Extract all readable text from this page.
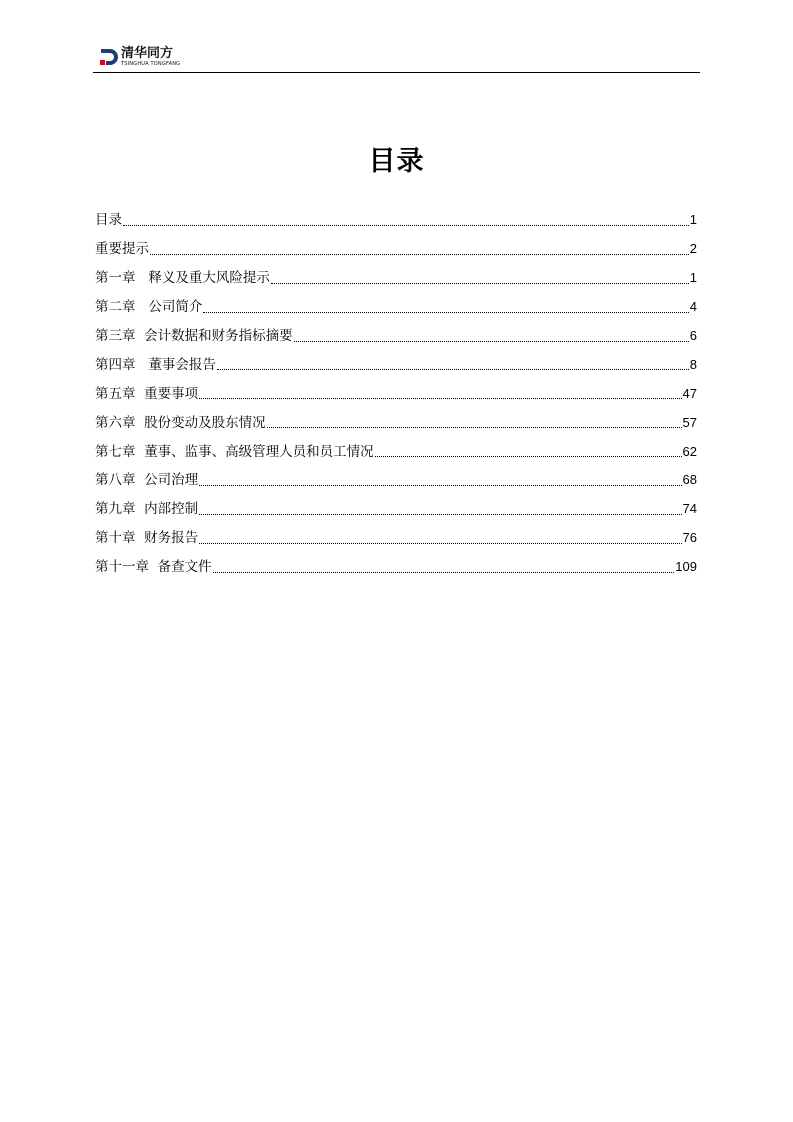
清华同方
TSINGHUA TONGFANG
目录
目录	1
重要提示	2
第一章   释义及重大风险提示	1
第二章   公司简介	4
第三章  会计数据和财务指标摘要	6
第四章   董事会报告	8
第五章  重要事项	47
第六章  股份变动及股东情况	57
第七章  董事、监事、高级管理人员和员工情况	62
第八章  公司治理	68
第九章  内部控制	74
第十章  财务报告	76
第十一章  备查文件	109
